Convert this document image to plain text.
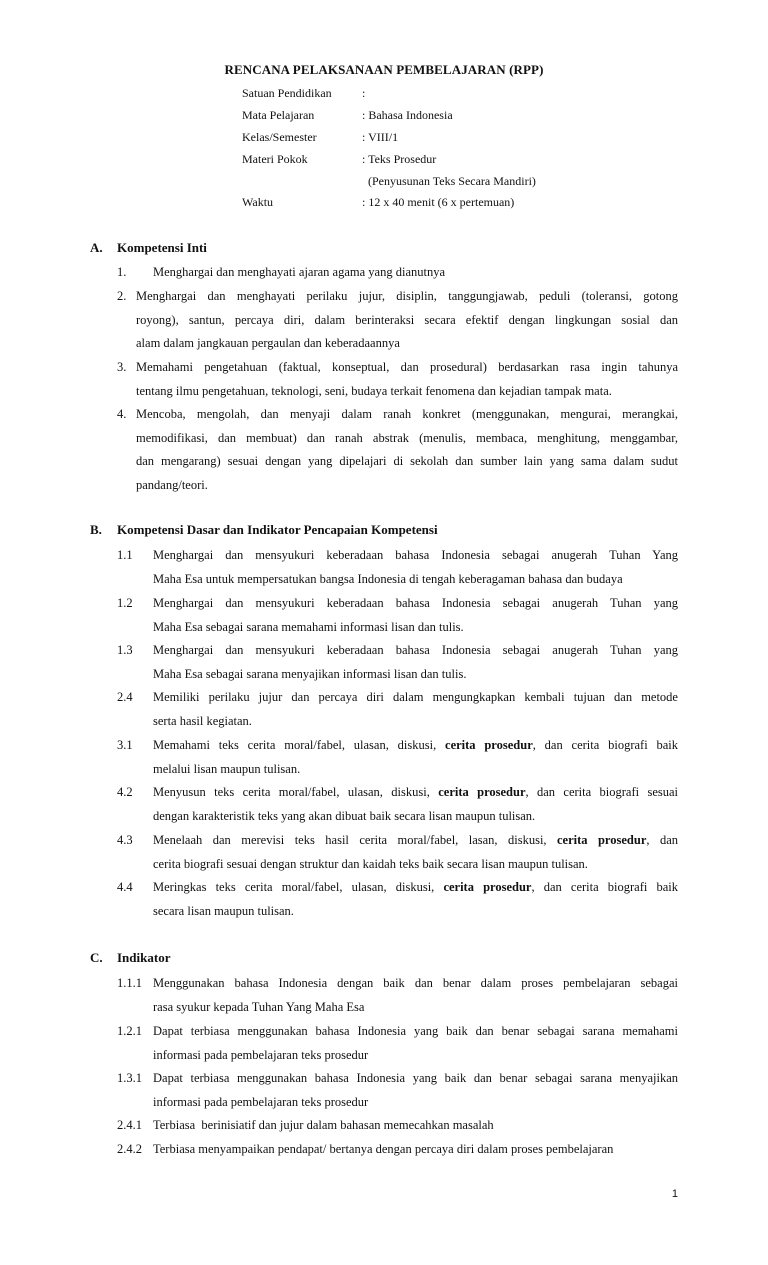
RENCANA PELAKSANAAN PEMBELAJARAN (RPP)
Satuan Pendidikan	:
Mata Pelajaran	: Bahasa Indonesia
Kelas/Semester	: VIII/1
Materi Pokok	: Teks Prosedur
(Penyusunan Teks Secara Mandiri)
Waktu	: 12 x 40 menit (6 x pertemuan)
A. Kompetensi Inti
1. Menghargai dan menghayati ajaran agama yang dianutnya
2. Menghargai dan menghayati perilaku jujur, disiplin, tanggungjawab, peduli (toleransi, gotong
royong), santun, percaya diri, dalam berinteraksi secara efektif dengan lingkungan sosial dan
alam dalam jangkauan pergaulan dan keberadaannya
3. Memahami pengetahuan (faktual, konseptual, dan prosedural) berdasarkan rasa ingin tahunya
tentang ilmu pengetahuan, teknologi, seni, budaya terkait fenomena dan kejadian tampak mata.
4. Mencoba, mengolah, dan menyaji dalam ranah konkret (menggunakan, mengurai, merangkai,
memodifikasi, dan membuat) dan ranah abstrak (menulis, membaca, menghitung, menggambar,
dan mengarang) sesuai dengan yang dipelajari di sekolah dan sumber lain yang sama dalam sudut
pandang/teori.
B. Kompetensi Dasar dan Indikator Pencapaian Kompetensi
1.1 Menghargai dan mensyukuri keberadaan bahasa Indonesia sebagai anugerah Tuhan Yang
Maha Esa untuk mempersatukan bangsa Indonesia di tengah keberagaman bahasa dan budaya
1.2 Menghargai dan mensyukuri keberadaan bahasa Indonesia sebagai anugerah Tuhan yang
Maha Esa sebagai sarana memahami informasi lisan dan tulis.
1.3 Menghargai dan mensyukuri keberadaan bahasa Indonesia sebagai anugerah Tuhan yang
Maha Esa sebagai sarana menyajikan informasi lisan dan tulis.
2.4 Memiliki perilaku jujur dan percaya diri dalam mengungkapkan kembali tujuan dan metode
serta hasil kegiatan.
3.1 Memahami teks cerita moral/fabel, ulasan, diskusi, cerita prosedur, dan cerita biografi baik
melalui lisan maupun tulisan.
4.2 Menyusun teks cerita moral/fabel, ulasan, diskusi, cerita prosedur, dan cerita biografi sesuai
dengan karakteristik teks yang akan dibuat baik secara lisan maupun tulisan.
4.3 Menelaah dan merevisi teks hasil cerita moral/fabel, lasan, diskusi, cerita prosedur, dan
cerita biografi sesuai dengan struktur dan kaidah teks baik secara lisan maupun tulisan.
4.4 Meringkas teks cerita moral/fabel, ulasan, diskusi, cerita prosedur, dan cerita biografi baik
secara lisan maupun tulisan.
C. Indikator
1.1.1 Menggunakan bahasa Indonesia dengan baik dan benar dalam proses pembelajaran sebagai
rasa syukur kepada Tuhan Yang Maha Esa
1.2.1 Dapat terbiasa menggunakan bahasa Indonesia yang baik dan benar sebagai sarana memahami
informasi pada pembelajaran teks prosedur
1.3.1 Dapat terbiasa menggunakan bahasa Indonesia yang baik dan benar sebagai sarana menyajikan
informasi pada pembelajaran teks prosedur
2.4.1 Terbiasa  berinisiatif dan jujur dalam bahasan memecahkan masalah
2.4.2 Terbiasa menyampaikan pendapat/ bertanya dengan percaya diri dalam proses pembelajaran
1
